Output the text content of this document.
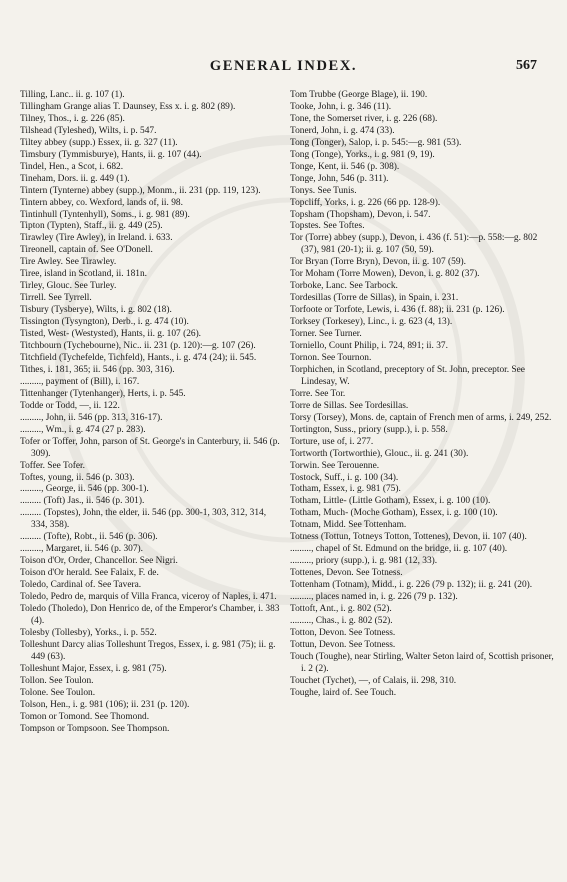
GENERAL INDEX.	567

Tilling, Lanc.. ii. g. 107 (1).

Tillingham Grange alias T. Daunsey, Ess x. i. g. 802 (89).

Tilney, Thos., i. g. 226 (85).

Tilshead (Tyleshed), Wilts, i. p. 547.

Tiltey abbey (supp.) Essex, ii. g. 327 (11).

Timsbury (Tymmisburye), Hants, ii. g. 107 (44).

Tindel, Hen., a Scot, i. 682.

Tineham, Dors. ii. g. 449 (1).

Tintern (Tynterne) abbey (supp.), Monm., ii. 231 (pp. 119, 123).

Tintern abbey, co. Wexford, lands of, ii. 98.

Tintinhull (Tyntenhyll), Soms., i. g. 981 (89).

Tipton (Typten), Staff., ii. g. 449 (25).

Tirawley (Tire Awley), in Ireland. i. 633.

Tireonell, captain of. See O'Donell.

Tire Awley. See Tirawley.

Tiree, island in Scotland, ii. 181n.

Tirley, Glouc. See Turley.

Tirrell. See Tyrrell.

Tisbury (Tysberye), Wilts, i. g. 802 (18).

Tissington (Tysyngton), Derb., i. g. 474 (10).

Tisted, West- (Westysted), Hants, ii. g. 107 (26).

Titchbourn (Tychebourne), Nic.. ii. 231 (p. 120):—g. 107 (26).

Titchfield (Tychefelde, Tichfeld), Hants., i. g. 474 (24); ii. 545.

Tithes, i. 181, 365; ii. 546 (pp. 303, 316).

........., payment of (Bill), i. 167.

Tittenhanger (Tytenhanger), Herts, i. p. 545.

Todde or Todd, —, ii. 122.

........., John, ii. 546 (pp. 313, 316-17).

........., Wm., i. g. 474 (27 p. 283).

Tofer or Toffer, John, parson of St. George's in Canterbury, ii. 546 (p. 309).

Toffer. See Tofer.

Toftes, young, ii. 546 (p. 303).

........., George, ii. 546 (pp. 300-1).

......... (Toft) Jas., ii. 546 (p. 301).

......... (Topstes), John, the elder, ii. 546 (pp. 300-1, 303, 312, 314, 334, 358).

......... (Tofte), Robt., ii. 546 (p. 306).

........., Margaret, ii. 546 (p. 307).

Toison d'Or, Order, Chancellor. See Nigri.

Toison d'Or herald. See Falaix, F. de.

Toledo, Cardinal of. See Tavera.

Toledo, Pedro de, marquis of Villa Franca, viceroy of Naples, i. 471.

Toledo (Tholedo), Don Henrico de, of the Emperor's Chamber, i. 383 (4).

Tolesby (Tollesby), Yorks., i. p. 552.

Tolleshunt Darcy alias Tolleshunt Tregos, Essex, i. g. 981 (75); ii. g. 449 (63).

Tolleshunt Major, Essex, i. g. 981 (75).

Tollon. See Toulon.

Tolone. See Toulon.

Tolson, Hen., i. g. 981 (106); ii. 231 (p. 120).

Tomon or Tomond. See Thomond.

Tompson or Tompsoon. See Thompson.

Tom Trubbe (George Blage), ii. 190.

Tooke, John, i. g. 346 (11).

Tone, the Somerset river, i. g. 226 (68).

Tonerd, John, i. g. 474 (33).

Tong (Tonger), Salop, i. p. 545:—g. 981 (53).

Tong (Tonge), Yorks., i. g. 981 (9, 19).

Tonge, Kent, ii. 546 (p. 308).

Tonge, John, 546 (p. 311).

Tonys. See Tunis.

Topcliff, Yorks, i. g. 226 (66 pp. 128-9).

Topsham (Thopsham), Devon, i. 547.

Topstes. See Toftes.

Tor (Torre) abbey (supp.), Devon, i. 436 (f. 51):—p. 558:—g. 802 (37), 981 (20-1); ii. g. 107 (50, 59).

Tor Bryan (Torre Bryn), Devon, ii. g. 107 (59).

Tor Moham (Torre Mowen), Devon, i. g. 802 (37).

Torboke, Lanc. See Tarbock.

Tordesillas (Torre de Sillas), in Spain, i. 231.

Torfoote or Torfote, Lewis, i. 436 (f. 88); ii. 231 (p. 126).

Torksey (Torkesey), Linc., i. g. 623 (4, 13).

Torner. See Turner.

Torniello, Count Philip, i. 724, 891; ii. 37.

Tornon. See Tournon.

Torphichen, in Scotland, preceptory of St. John, preceptor. See Lindesay, W.

Torre. See Tor.

Torre de Sillas. See Tordesillas.

Torsy (Torsey), Mons. de, captain of French men of arms, i. 249, 252.

Tortington, Suss., priory (supp.), i. p. 558.

Torture, use of, i. 277.

Tortworth (Tortworthie), Glouc., ii. g. 241 (30).

Torwin. See Terouenne.

Tostock, Suff., i. g. 100 (34).

Totham, Essex, i. g. 981 (75).

Totham, Little- (Little Gotham), Essex, i. g. 100 (10).

Totham, Much- (Moche Gotham), Essex, i. g. 100 (10).

Totnam, Midd. See Tottenham.

Totness (Tottun, Totneys Totton, Tottenes), Devon, ii. 107 (40).

........., chapel of St. Edmund on the bridge, ii. g. 107 (40).

........., priory (supp.), i. g. 981 (12, 33).

Tottenes, Devon. See Totness.

Tottenham (Totnam), Midd., i. g. 226 (79 p. 132); ii. g. 241 (20).

........., places named in, i. g. 226 (79 p. 132).

Tottoft, Ant., i. g. 802 (52).

........., Chas., i. g. 802 (52).

Totton, Devon. See Totness.

Tottun, Devon. See Totness.

Touch (Toughe), near Stirling, Walter Seton laird of, Scottish prisoner, i. 2 (2).

Touchet (Tychet), —, of Calais, ii. 298, 310.

Toughe, laird of. See Touch.
